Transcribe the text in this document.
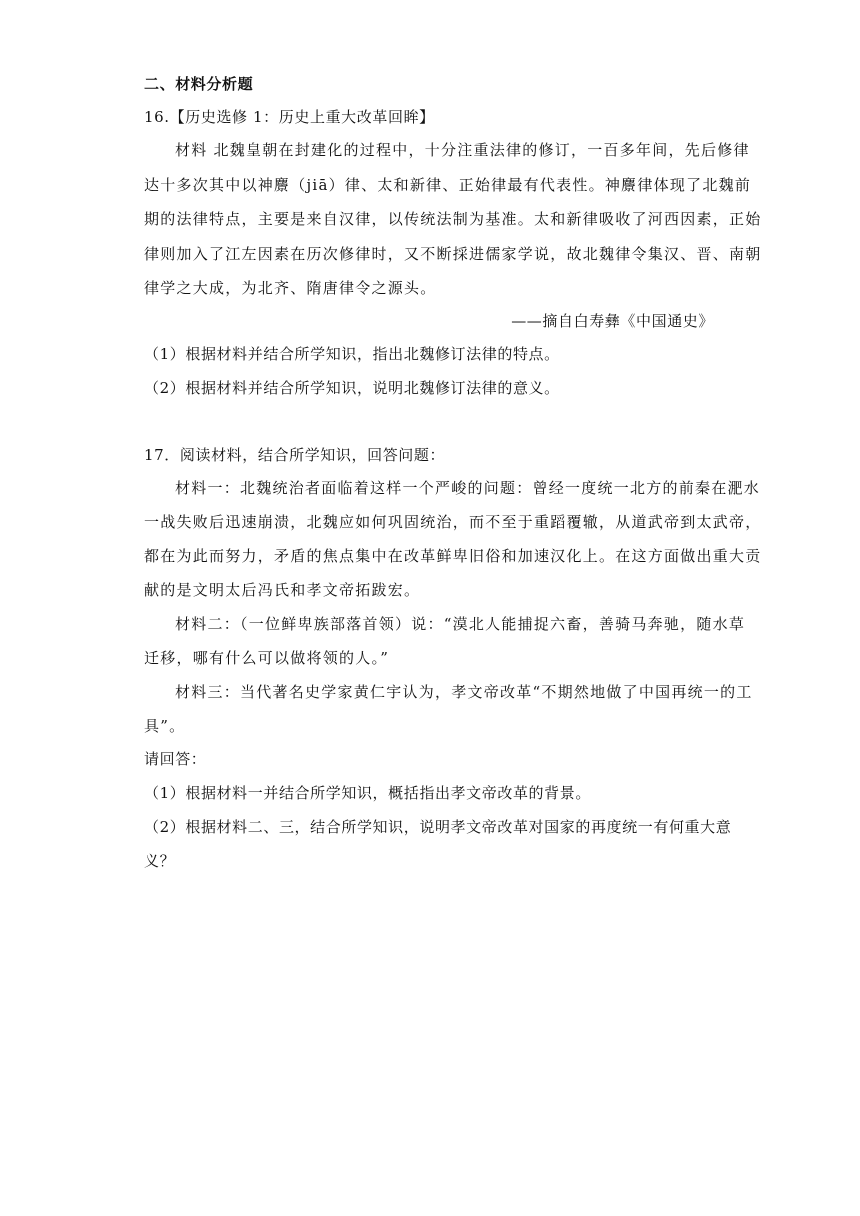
二、材料分析题
16.【历史选修 1：历史上重大改革回眸】
材料 北魏皇朝在封建化的过程中，十分注重法律的修订，一百多年间，先后修律
达十多次其中以神麖（jiā）律、太和新律、正始律最有代表性。神麖律体现了北魏前
期的法律特点，主要是来自汉律，以传统法制为基准。太和新律吸收了河西因素，正始
律则加入了江左因素在历次修律时，又不断採进儒家学说，故北魏律令集汉、晋、南朝
律学之大成，为北齐、隋唐律令之源头。
——摘自白寿彝《中国通史》
（1）根据材料并结合所学知识，指出北魏修订法律的特点。
（2）根据材料并结合所学知识，说明北魏修订法律的意义。
17．阅读材料，结合所学知识，回答问题：
材料一：北魏统治者面临着这样一个严峻的问题：曾经一度统一北方的前秦在淝水
一战失败后迅速崩溃，北魏应如何巩固统治，而不至于重蹈覆辙，从道武帝到太武帝，
都在为此而努力，矛盾的焦点集中在改革鲜卑旧俗和加速汉化上。在这方面做出重大贡
献的是文明太后冯氏和孝文帝拓跋宏。
材料二：（一位鲜卑族部落首领）说：“漠北人能捕捉六畜，善骑马奔驰，随水草
迁移，哪有什么可以做将领的人。”
材料三：当代著名史学家黄仁宇认为，孝文帝改革“不期然地做了中国再统一的工
具”。
请回答：
（1）根据材料一并结合所学知识，概括指出孝文帝改革的背景。
（2）根据材料二、三，结合所学知识，说明孝文帝改革对国家的再度统一有何重大意
义？
